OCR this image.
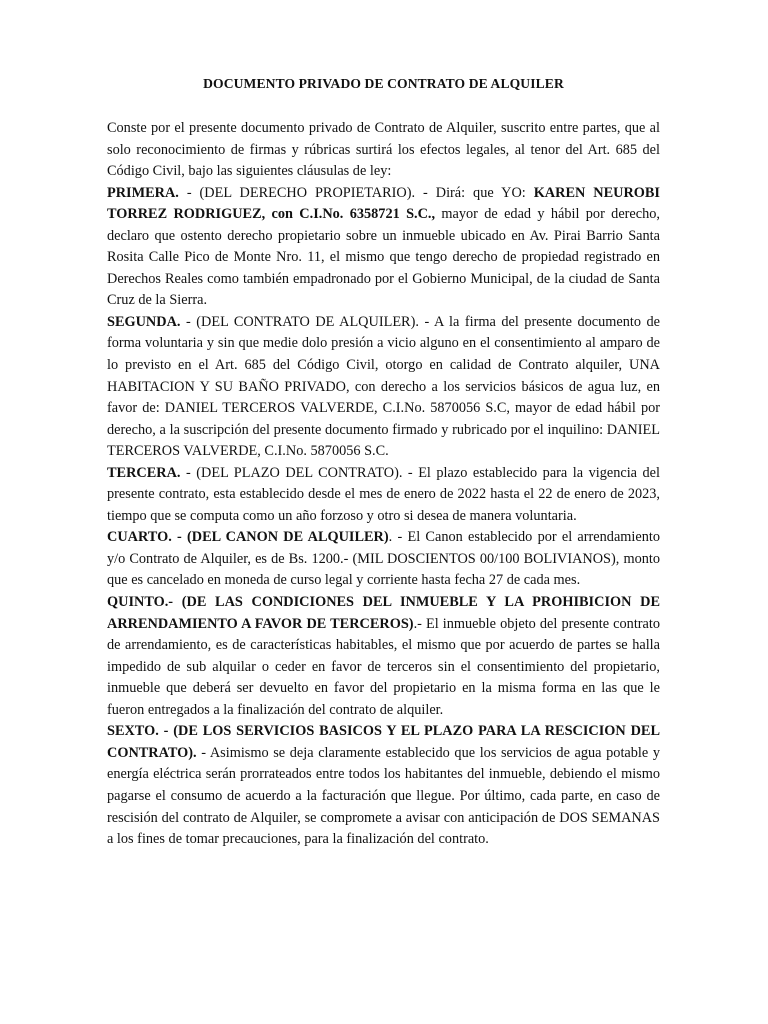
DOCUMENTO PRIVADO DE CONTRATO DE ALQUILER

Conste por el presente documento privado de Contrato de Alquiler, suscrito entre partes, que al solo reconocimiento de firmas y rúbricas surtirá los efectos legales, al tenor del Art. 685 del Código Civil, bajo las siguientes cláusulas de ley:

PRIMERA. - (DEL DERECHO PROPIETARIO). - Dirá: que YO: KAREN NEUROBI TORREZ RODRIGUEZ, con C.I.No. 6358721 S.C., mayor de edad y hábil por derecho, declaro que ostento derecho propietario sobre un inmueble ubicado en Av. Pirai Barrio Santa Rosita Calle Pico de Monte Nro. 11, el mismo que tengo derecho de propiedad registrado en Derechos Reales como también empadronado por el Gobierno Municipal, de la ciudad de Santa Cruz de la Sierra.

SEGUNDA. - (DEL CONTRATO DE ALQUILER). - A la firma del presente documento de forma voluntaria y sin que medie dolo presión a vicio alguno en el consentimiento al amparo de lo previsto en el Art. 685 del Código Civil, otorgo en calidad de Contrato alquiler, UNA HABITACION Y SU BAÑO PRIVADO, con derecho a los servicios básicos de agua luz, en favor de: DANIEL TERCEROS VALVERDE, C.I.No. 5870056 S.C, mayor de edad hábil por derecho, a la suscripción del presente documento firmado y rubricado por el inquilino: DANIEL TERCEROS VALVERDE, C.I.No. 5870056 S.C.

TERCERA. - (DEL PLAZO DEL CONTRATO). - El plazo establecido para la vigencia del presente contrato, esta establecido desde el mes de enero de 2022 hasta el 22 de enero de 2023, tiempo que se computa como un año forzoso y otro si desea de manera voluntaria.

CUARTO. - (DEL CANON DE ALQUILER). - El Canon establecido por el arrendamiento y/o Contrato de Alquiler, es de Bs. 1200.- (MIL DOSCIENTOS 00/100 BOLIVIANOS), monto que es cancelado en moneda de curso legal y corriente hasta fecha 27 de cada mes.

QUINTO.- (DE LAS CONDICIONES DEL INMUEBLE Y LA PROHIBICION DE ARRENDAMIENTO A FAVOR DE TERCEROS).- El inmueble objeto del presente contrato de arrendamiento, es de características habitables, el mismo que por acuerdo de partes se halla impedido de sub alquilar o ceder en favor de terceros sin el consentimiento del propietario, inmueble que deberá ser devuelto en favor del propietario en la misma forma en las que le fueron entregados a la finalización del contrato de alquiler.

SEXTO. - (DE LOS SERVICIOS BASICOS Y EL PLAZO PARA LA RESCICION DEL CONTRATO). - Asimismo se deja claramente establecido que los servicios de agua potable y energía eléctrica serán prorrateados entre todos los habitantes del inmueble, debiendo el mismo pagarse el consumo de acuerdo a la facturación que llegue. Por último, cada parte, en caso de rescisión del contrato de Alquiler, se compromete a avisar con anticipación de DOS SEMANAS a los fines de tomar precauciones, para la finalización del contrato.
